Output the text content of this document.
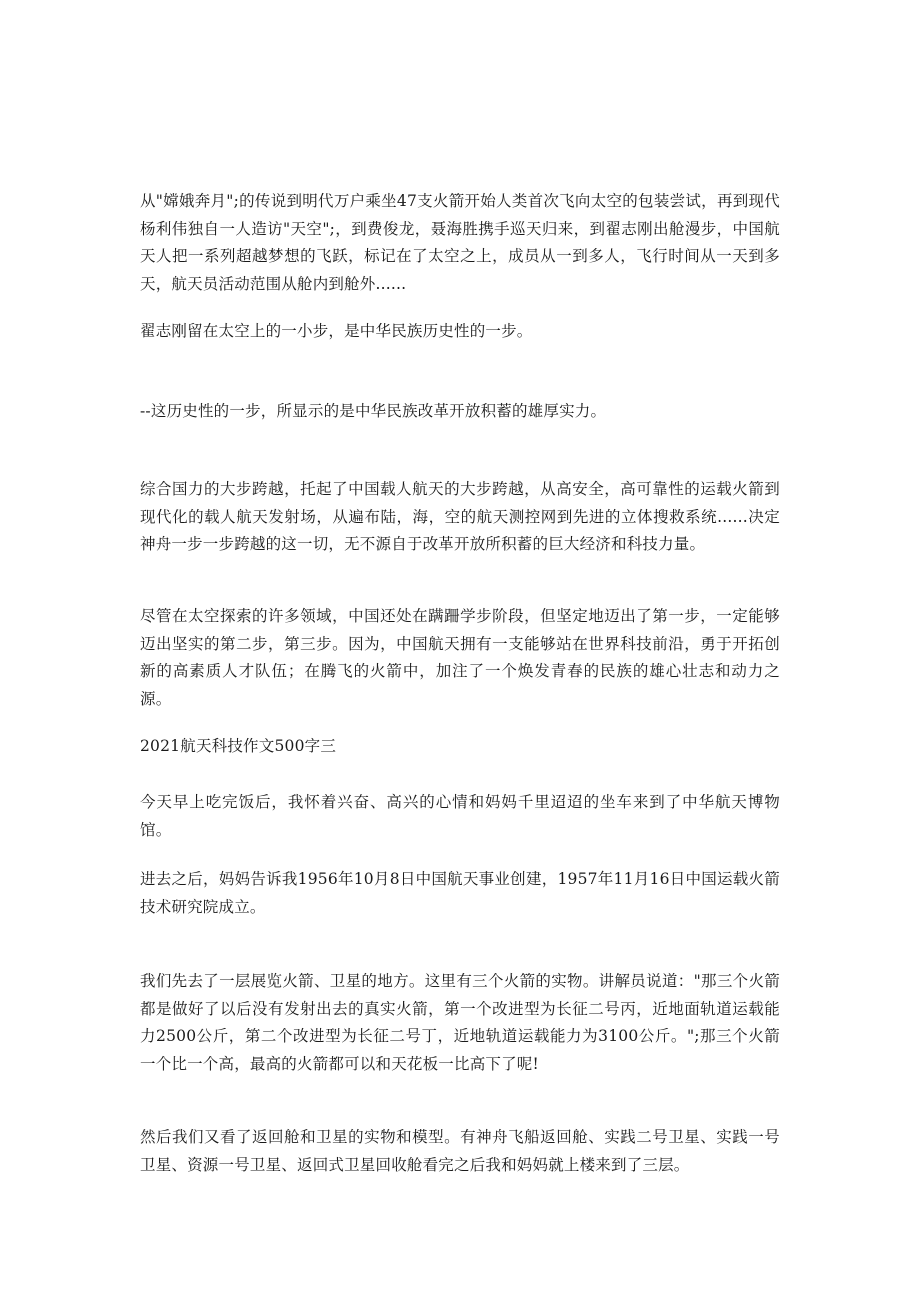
从"嫦娥奔月";的传说到明代万户乘坐47支火箭开始人类首次飞向太空的包装尝试，再到现代杨利伟独自一人造访"天空";，到费俊龙，聂海胜携手巡天归来，到翟志刚出舱漫步，中国航天人把一系列超越梦想的飞跃，标记在了太空之上，成员从一到多人，飞行时间从一天到多天，航天员活动范围从舱内到舱外......

翟志刚留在太空上的一小步，是中华民族历史性的一步。

--这历史性的一步，所显示的是中华民族改革开放积蓄的雄厚实力。

综合国力的大步跨越，托起了中国载人航天的大步跨越，从高安全，高可靠性的运载火箭到现代化的载人航天发射场，从遍布陆，海，空的航天测控网到先进的立体搜救系统......决定神舟一步一步跨越的这一切，无不源自于改革开放所积蓄的巨大经济和科技力量。

尽管在太空探索的许多领域，中国还处在蹒跚学步阶段，但坚定地迈出了第一步，一定能够迈出坚实的第二步，第三步。因为，中国航天拥有一支能够站在世界科技前沿，勇于开拓创新的高素质人才队伍；在腾飞的火箭中，加注了一个焕发青春的民族的雄心壮志和动力之源。

2021航天科技作文500字三

今天早上吃完饭后，我怀着兴奋、高兴的心情和妈妈千里迢迢的坐车来到了中华航天博物馆。

进去之后，妈妈告诉我1956年10月8日中国航天事业创建，1957年11月16日中国运载火箭技术研究院成立。

我们先去了一层展览火箭、卫星的地方。这里有三个火箭的实物。讲解员说道："那三个火箭都是做好了以后没有发射出去的真实火箭，第一个改进型为长征二号丙，近地面轨道运载能力2500公斤，第二个改进型为长征二号丁，近地轨道运载能力为3100公斤。";那三个火箭一个比一个高，最高的火箭都可以和天花板一比高下了呢!

然后我们又看了返回舱和卫星的实物和模型。有神舟飞船返回舱、实践二号卫星、实践一号卫星、资源一号卫星、返回式卫星回收舱看完之后我和妈妈就上楼来到了三层。
